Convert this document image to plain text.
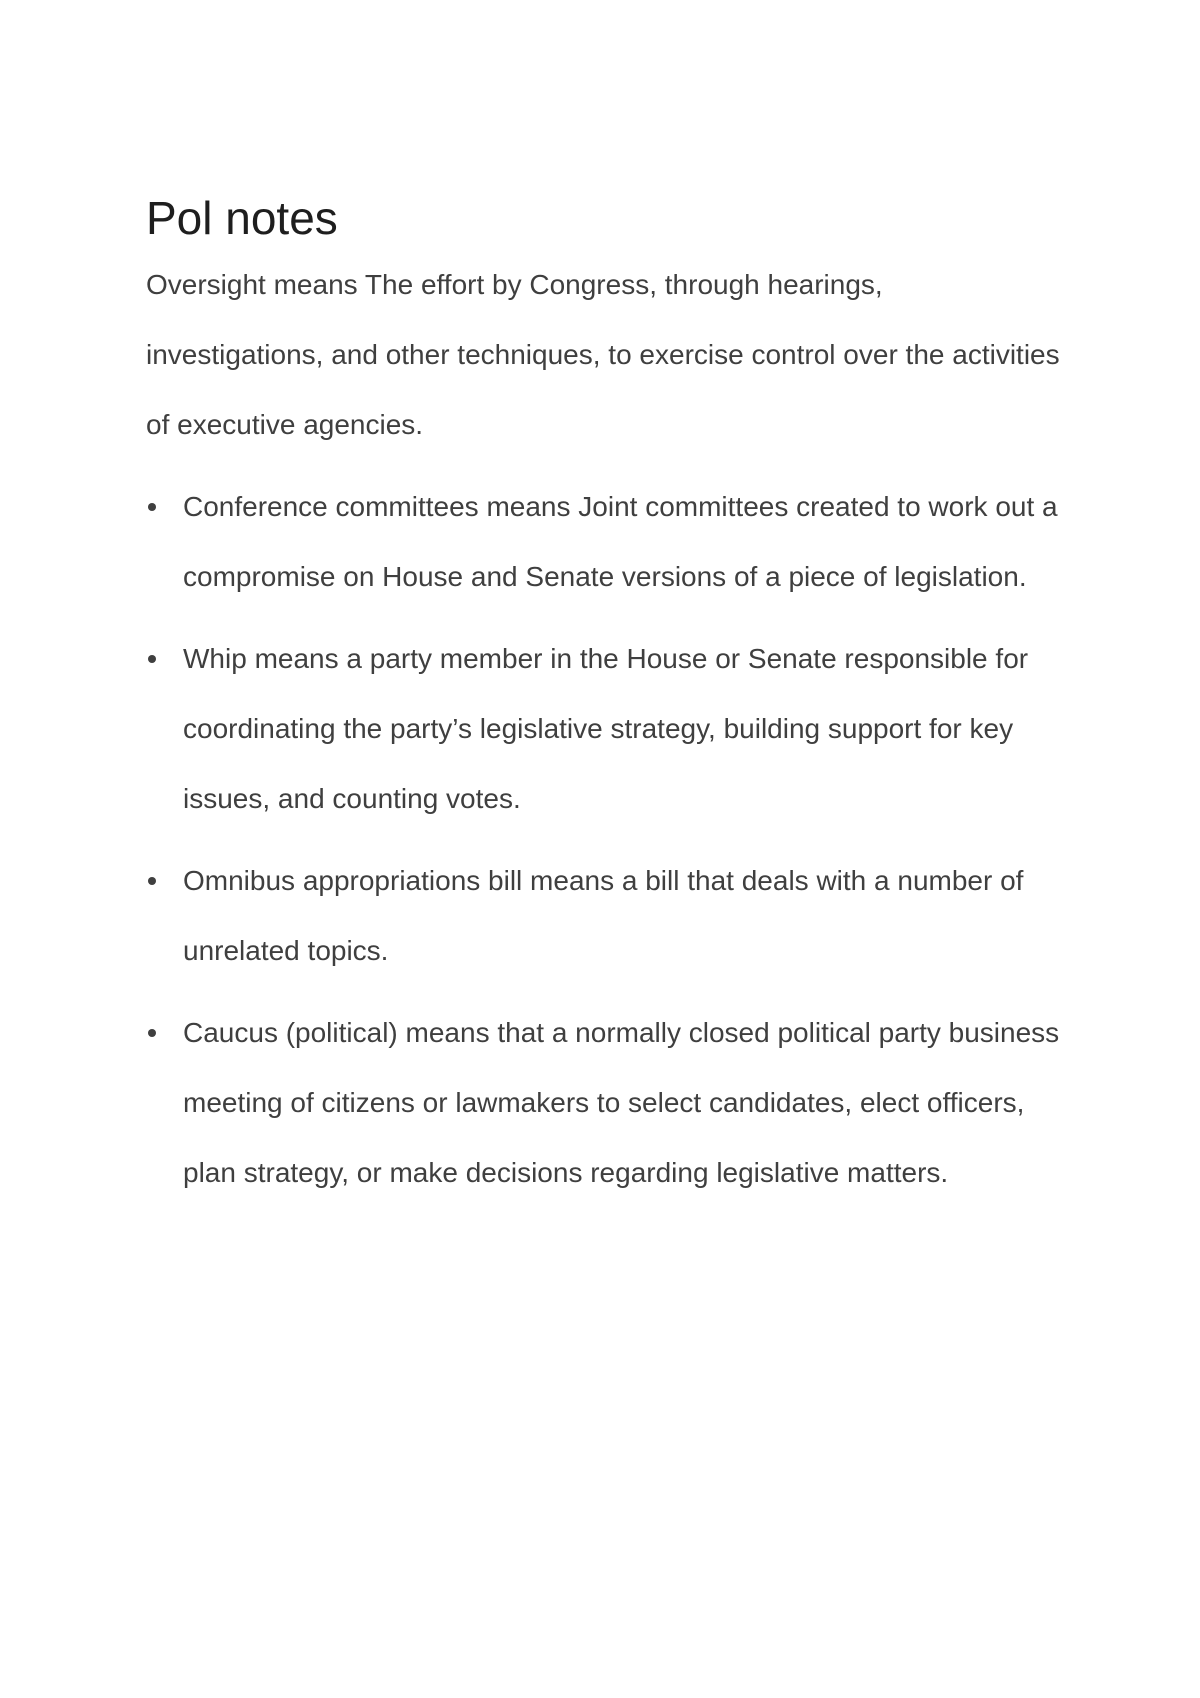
Pol notes

Oversight means The effort by Congress, through hearings, investigations, and other techniques, to exercise control over the activities of executive agencies.

Conference committees means Joint committees created to work out a compromise on House and Senate versions of a piece of legislation.
Whip means a party member in the House or Senate responsible for coordinating the party’s legislative strategy, building support for key issues, and counting votes.
Omnibus appropriations bill means a bill that deals with a number of unrelated topics.
Caucus (political) means that a normally closed political party business meeting of citizens or lawmakers to select candidates, elect officers, plan strategy, or make decisions regarding legislative matters.
